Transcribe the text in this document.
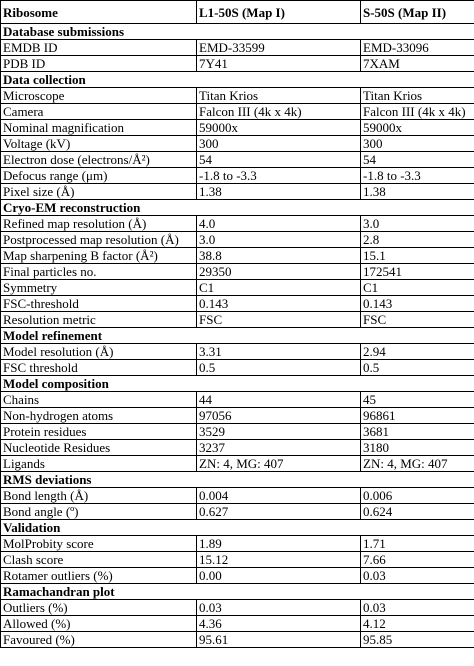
Ribosome	L1-50S (Map I)	S-50S (Map II)
Database submissions		
EMDB ID	EMD-33599	EMD-33096
PDB ID	7Y41	7XAM
Data collection		
Microscope	Titan Krios	Titan Krios
Camera	Falcon III (4k x 4k)	Falcon III (4k x 4k)
Nominal magnification	59000x	59000x
Voltage (kV)	300	300
Electron dose (electrons/Å²)	54	54
Defocus range (μm)	-1.8 to -3.3	-1.8 to -3.3
Pixel size (Å)	1.38	1.38
Cryo-EM reconstruction		
Refined map resolution (Å)	4.0	3.0
Postprocessed map resolution (Å)	3.0	2.8
Map sharpening B factor (Å²)	38.8	15.1
Final particles no.	29350	172541
Symmetry	C1	C1
FSC-threshold	0.143	0.143
Resolution metric	FSC	FSC
Model refinement		
Model resolution (Å)	3.31	2.94
FSC threshold	0.5	0.5
Model composition		
Chains	44	45
Non-hydrogen atoms	97056	96861
Protein residues	3529	3681
Nucleotide Residues	3237	3180
Ligands	ZN: 4, MG: 407	ZN: 4, MG: 407
RMS deviations		
Bond length (Å)	0.004	0.006
Bond angle (º)	0.627	0.624
Validation		
MolProbity score	1.89	1.71
Clash score	15.12	7.66
Rotamer outliers (%)	0.00	0.03
Ramachandran plot		
Outliers (%)	0.03	0.03
Allowed (%)	4.36	4.12
Favoured (%)	95.61	95.85
